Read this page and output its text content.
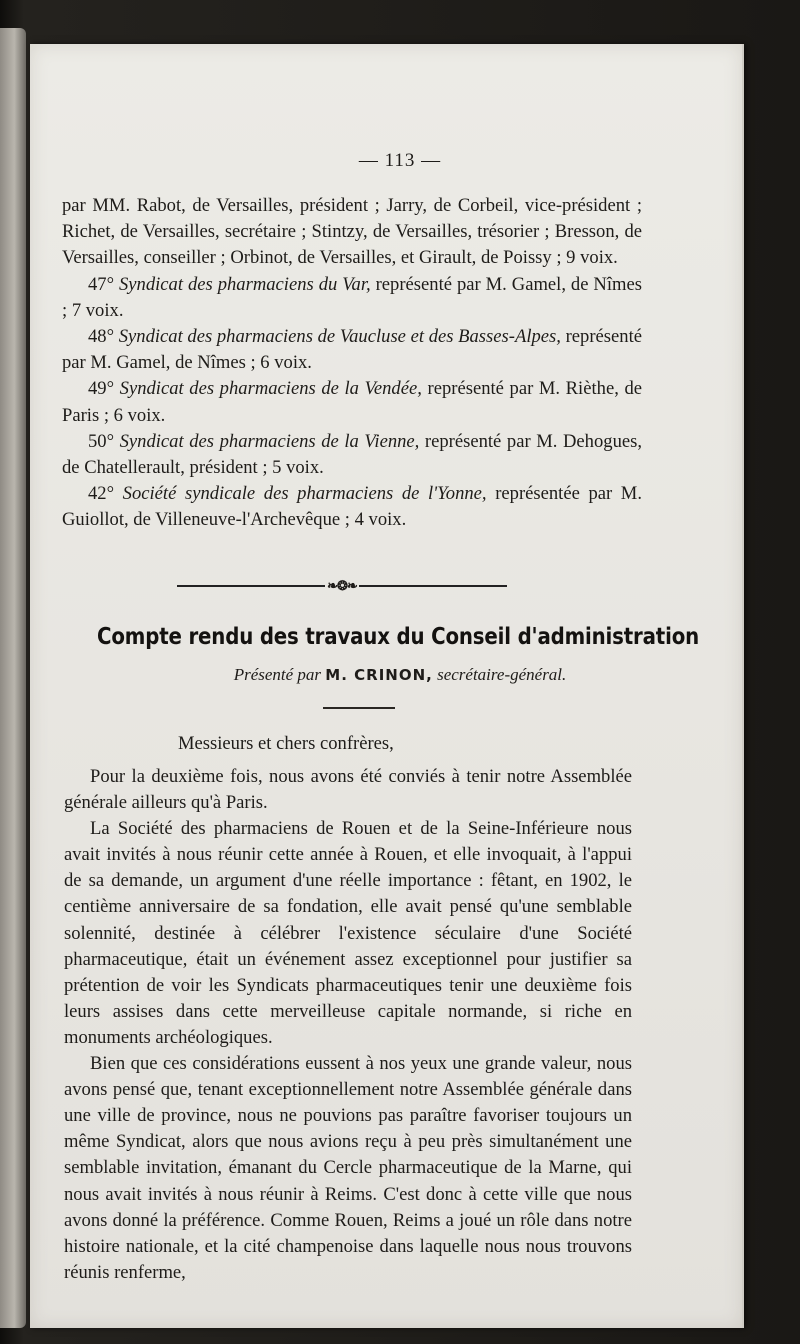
— 113 —

par MM. Rabot, de Versailles, président ; Jarry, de Corbeil, vice-président ; Richet, de Versailles, secrétaire ; Stintzy, de Versailles, trésorier ; Bresson, de Versailles, conseiller ; Orbinot, de Versailles, et Girault, de Poissy ; 9 voix.

47° Syndicat des pharmaciens du Var, représenté par M. Gamel, de Nîmes ; 7 voix.

48° Syndicat des pharmaciens de Vaucluse et des Basses-Alpes, représenté par M. Gamel, de Nîmes ; 6 voix.

49° Syndicat des pharmaciens de la Vendée, représenté par M. Rièthe, de Paris ; 6 voix.

50° Syndicat des pharmaciens de la Vienne, représenté par M. Dehogues, de Chatellerault, président ; 5 voix.

42° Société syndicale des pharmaciens de l'Yonne, représentée par M. Guiollot, de Villeneuve-l'Archevêque ; 4 voix.

❧❂❧
Compte rendu des travaux du Conseil d'administration
Présenté par M. CRINON, secrétaire-général.
Messieurs et chers confrères,

Pour la deuxième fois, nous avons été conviés à tenir notre Assemblée générale ailleurs qu'à Paris.

La Société des pharmaciens de Rouen et de la Seine-Inférieure nous avait invités à nous réunir cette année à Rouen, et elle invoquait, à l'appui de sa demande, un argument d'une réelle importance : fêtant, en 1902, le centième anniversaire de sa fondation, elle avait pensé qu'une semblable solennité, destinée à célébrer l'existence séculaire d'une Société pharmaceutique, était un événement assez exceptionnel pour justifier sa prétention de voir les Syndicats pharmaceutiques tenir une deuxième fois leurs assises dans cette merveilleuse capitale normande, si riche en monuments archéologiques.

Bien que ces considérations eussent à nos yeux une grande valeur, nous avons pensé que, tenant exceptionnellement notre Assemblée générale dans une ville de province, nous ne pouvions pas paraître favoriser toujours un même Syndicat, alors que nous avions reçu à peu près simultanément une semblable invitation, émanant du Cercle pharmaceutique de la Marne, qui nous avait invités à nous réunir à Reims. C'est donc à cette ville que nous avons donné la préférence. Comme Rouen, Reims a joué un rôle dans notre histoire nationale, et la cité champenoise dans laquelle nous nous trouvons réunis renferme,
